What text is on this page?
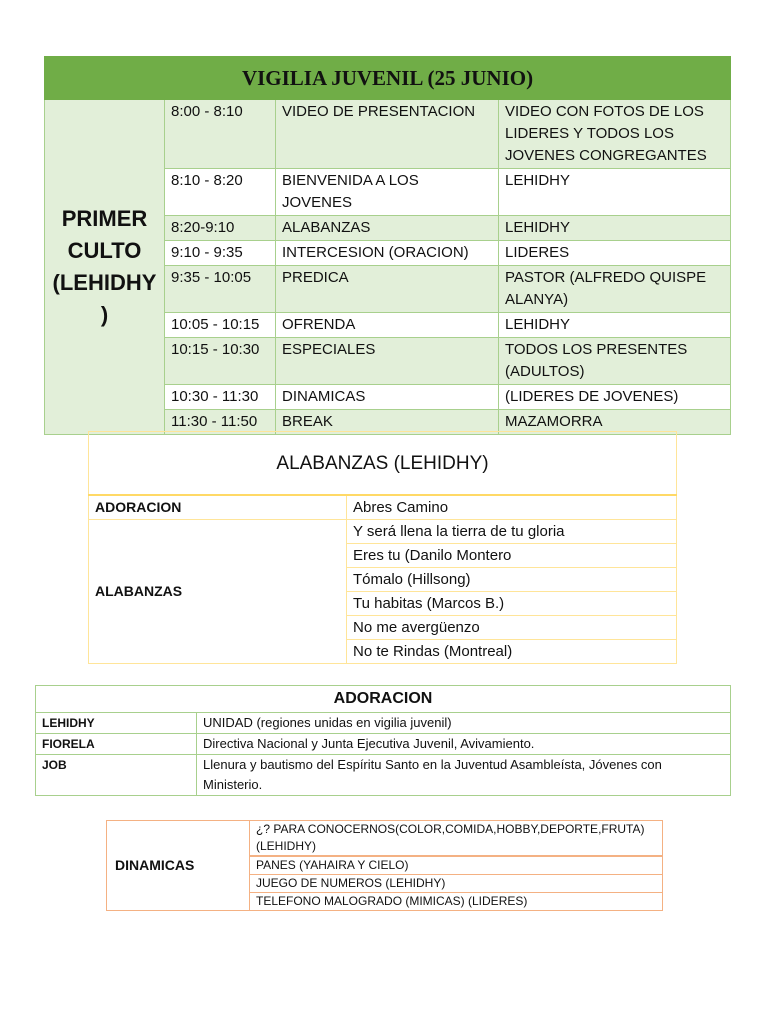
VIGILIA JUVENIL (25 JUNIO)			
PRIMER
CULTO
(LEHIDHY
)	8:00 - 8:10	VIDEO DE PRESENTACION	VIDEO CON FOTOS DE LOS LIDERES Y TODOS LOS JOVENES CONGREGANTES
	8:10 - 8:20	BIENVENIDA A LOS JOVENES	LEHIDHY
	8:20-9:10	ALABANZAS	LEHIDHY
	9:10 - 9:35	INTERCESION (ORACION)	LIDERES
	9:35 - 10:05	PREDICA	PASTOR (ALFREDO QUISPE ALANYA)
	10:05 - 10:15	OFRENDA	LEHIDHY
	10:15 - 10:30	ESPECIALES	TODOS LOS PRESENTES (ADULTOS)
	10:30 - 11:30	DINAMICAS	(LIDERES DE JOVENES)
	11:30 - 11:50	BREAK	MAZAMORRA
ALABANZAS (LEHIDHY)	
ADORACION	Abres Camino
ALABANZAS	Y será llena la tierra de tu gloria
	Eres tu (Danilo Montero
	Tómalo (Hillsong)
	Tu habitas (Marcos B.)
	No me avergüenzo
	No te Rindas (Montreal)
ADORACION	
LEHIDHY	UNIDAD (regiones unidas en vigilia juvenil)
FIORELA	Directiva Nacional y Junta Ejecutiva Juvenil, Avivamiento.
JOB	Llenura y bautismo del Espíritu Santo en la Juventud Asambleísta, Jóvenes con Ministerio.
DINAMICAS	¿? PARA CONOCERNOS(COLOR,COMIDA,HOBBY,DEPORTE,FRUTA) (LEHIDHY)
PANES (YAHAIRA Y CIELO)
JUEGO DE NUMEROS (LEHIDHY)
TELEFONO MALOGRADO (MIMICAS) (LIDERES)
